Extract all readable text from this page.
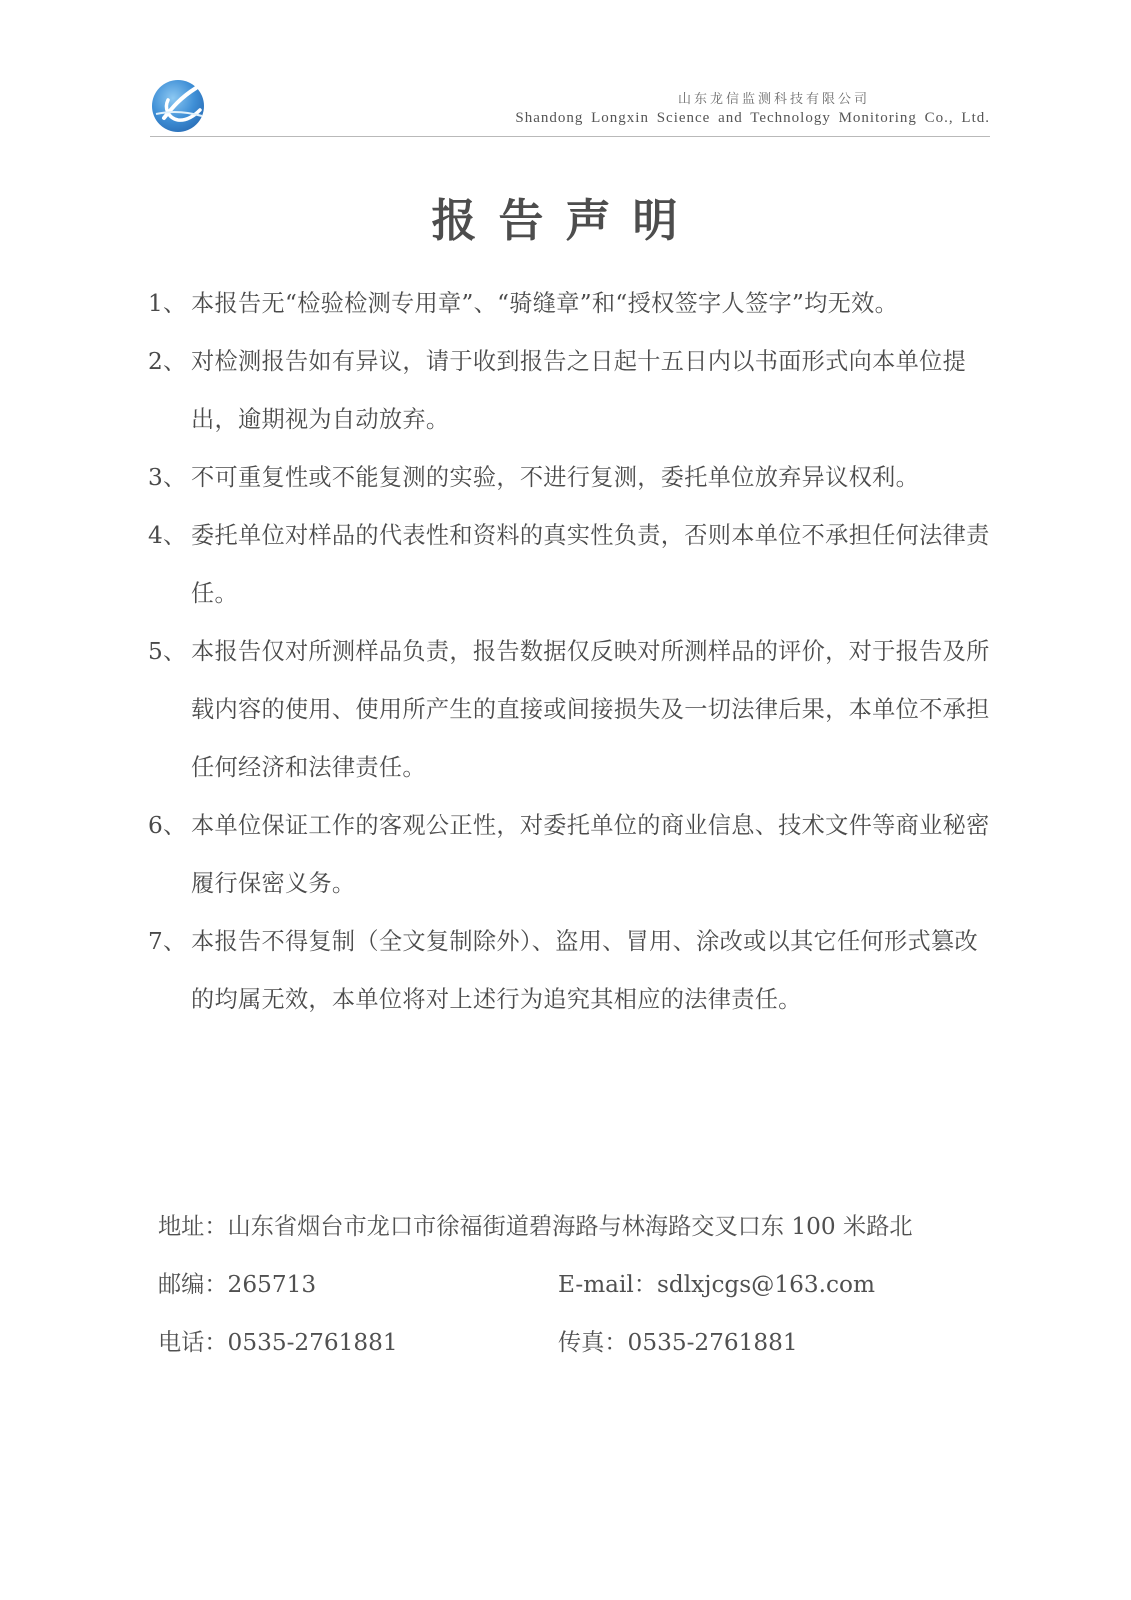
山东龙信监测科技有限公司
Shandong Longxin Science and Technology Monitoring Co., Ltd.
报告声明
1、 本报告无“检验检测专用章”、“骑缝章”和“授权签字人签字”均无效。
2、 对检测报告如有异议，请于收到报告之日起十五日内以书面形式向本单位提出，逾期视为自动放弃。
3、 不可重复性或不能复测的实验，不进行复测，委托单位放弃异议权利。
4、 委托单位对样品的代表性和资料的真实性负责，否则本单位不承担任何法律责任。
5、 本报告仅对所测样品负责，报告数据仅反映对所测样品的评价，对于报告及所载内容的使用、使用所产生的直接或间接损失及一切法律后果，本单位不承担任何经济和法律责任。
6、 本单位保证工作的客观公正性，对委托单位的商业信息、技术文件等商业秘密履行保密义务。
7、 本报告不得复制（全文复制除外）、盗用、冒用、涂改或以其它任何形式篡改的均属无效，本单位将对上述行为追究其相应的法律责任。
地址：山东省烟台市龙口市徐福街道碧海路与林海路交叉口东 100 米路北
邮编：265713	E-mail：sdlxjcgs@163.com
电话：0535-2761881	传真：0535-2761881
